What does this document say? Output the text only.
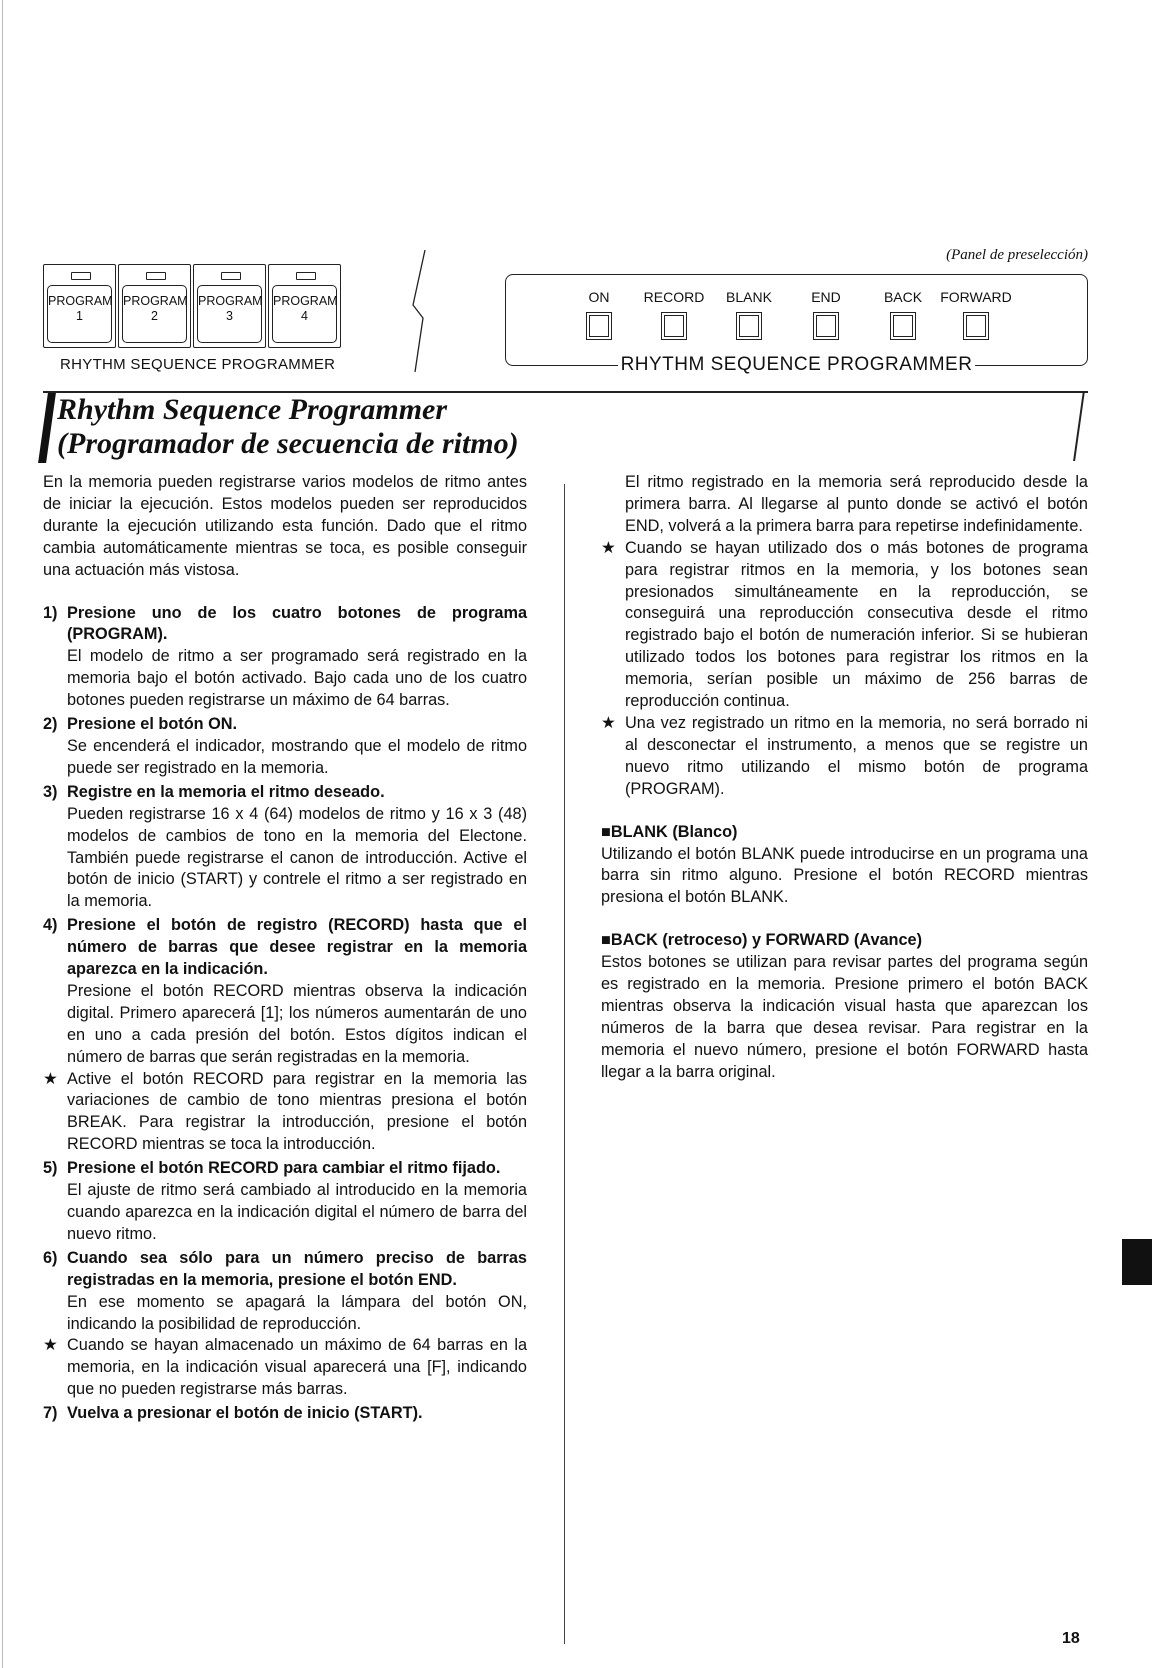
PROGRAM
1
PROGRAM
2
PROGRAM
3
PROGRAM
4
RHYTHM SEQUENCE PROGRAMMER
(Panel de preselección)
ON	RECORD	BLANK	END	BACK	FORWARD
RHYTHM SEQUENCE PROGRAMMER
Rhythm Sequence Programmer
(Programador de secuencia de ritmo)

En la memoria pueden registrarse varios modelos de ritmo antes de iniciar la ejecución. Estos modelos pueden ser reproducidos durante la ejecución utilizando esta función. Dado que el ritmo cambia automáticamente mientras se toca, es posible conseguir una actuación más vistosa.

1) Presione uno de los cuatro botones de programa (PROGRAM).

El modelo de ritmo a ser programado será registrado en la memoria bajo el botón activado. Bajo cada uno de los cuatro botones pueden registrarse un máximo de 64 barras.

2) Presione el botón ON.

Se encenderá el indicador, mostrando que el modelo de ritmo puede ser registrado en la memoria.

3) Registre en la memoria el ritmo deseado.

Pueden registrarse 16 x 4 (64) modelos de ritmo y 16 x 3 (48) modelos de cambios de tono en la memoria del Electone. También puede registrarse el canon de introducción. Active el botón de inicio (START) y contrele el ritmo a ser registrado en la memoria.

4) Presione el botón de registro (RECORD) hasta que el número de barras que desee registrar en la memoria aparezca en la indicación.

Presione el botón RECORD mientras observa la indicación digital. Primero aparecerá [1]; los números aumentarán de uno en uno a cada presión del botón. Estos dígitos indican el número de barras que serán registradas en la memoria.

★ Active el botón RECORD para registrar en la memoria las variaciones de cambio de tono mientras presiona el botón BREAK. Para registrar la introducción, presione el botón RECORD mientras se toca la introducción.

5) Presione el botón RECORD para cambiar el ritmo fijado.

El ajuste de ritmo será cambiado al introducido en la memoria cuando aparezca en la indicación digital el número de barra del nuevo ritmo.

6) Cuando sea sólo para un número preciso de barras registradas en la memoria, presione el botón END.

En ese momento se apagará la lámpara del botón ON, indicando la posibilidad de reproducción.

★ Cuando se hayan almacenado un máximo de 64 barras en la memoria, en la indicación visual aparecerá una [F], indicando que no pueden registrarse más barras.

7) Vuelva a presionar el botón de inicio (START).

El ritmo registrado en la memoria será reproducido desde la primera barra. Al llegarse al punto donde se activó el botón END, volverá a la primera barra para repetirse indefinidamente.

★ Cuando se hayan utilizado dos o más botones de programa para registrar ritmos en la memoria, y los botones sean presionados simultáneamente en la reproducción, se conseguirá una reproducción consecutiva desde el ritmo registrado bajo el botón de numeración inferior. Si se hubieran utilizado todos los botones para registrar los ritmos en la memoria, serían posible un máximo de 256 barras de reproducción continua.

★ Una vez registrado un ritmo en la memoria, no será borrado ni al desconectar el instrumento, a menos que se registre un nuevo ritmo utilizando el mismo botón de programa (PROGRAM).

■BLANK (Blanco)

Utilizando el botón BLANK puede introducirse en un programa una barra sin ritmo alguno. Presione el botón RECORD mientras presiona el botón BLANK.

■BACK (retroceso) y FORWARD (Avance)

Estos botones se utilizan para revisar partes del programa según es registrado en la memoria. Presione primero el botón BACK mientras observa la indicación visual hasta que aparezcan los números de la barra que desea revisar. Para registrar en la memoria el nuevo número, presione el botón FORWARD hasta llegar a la barra original.

18
